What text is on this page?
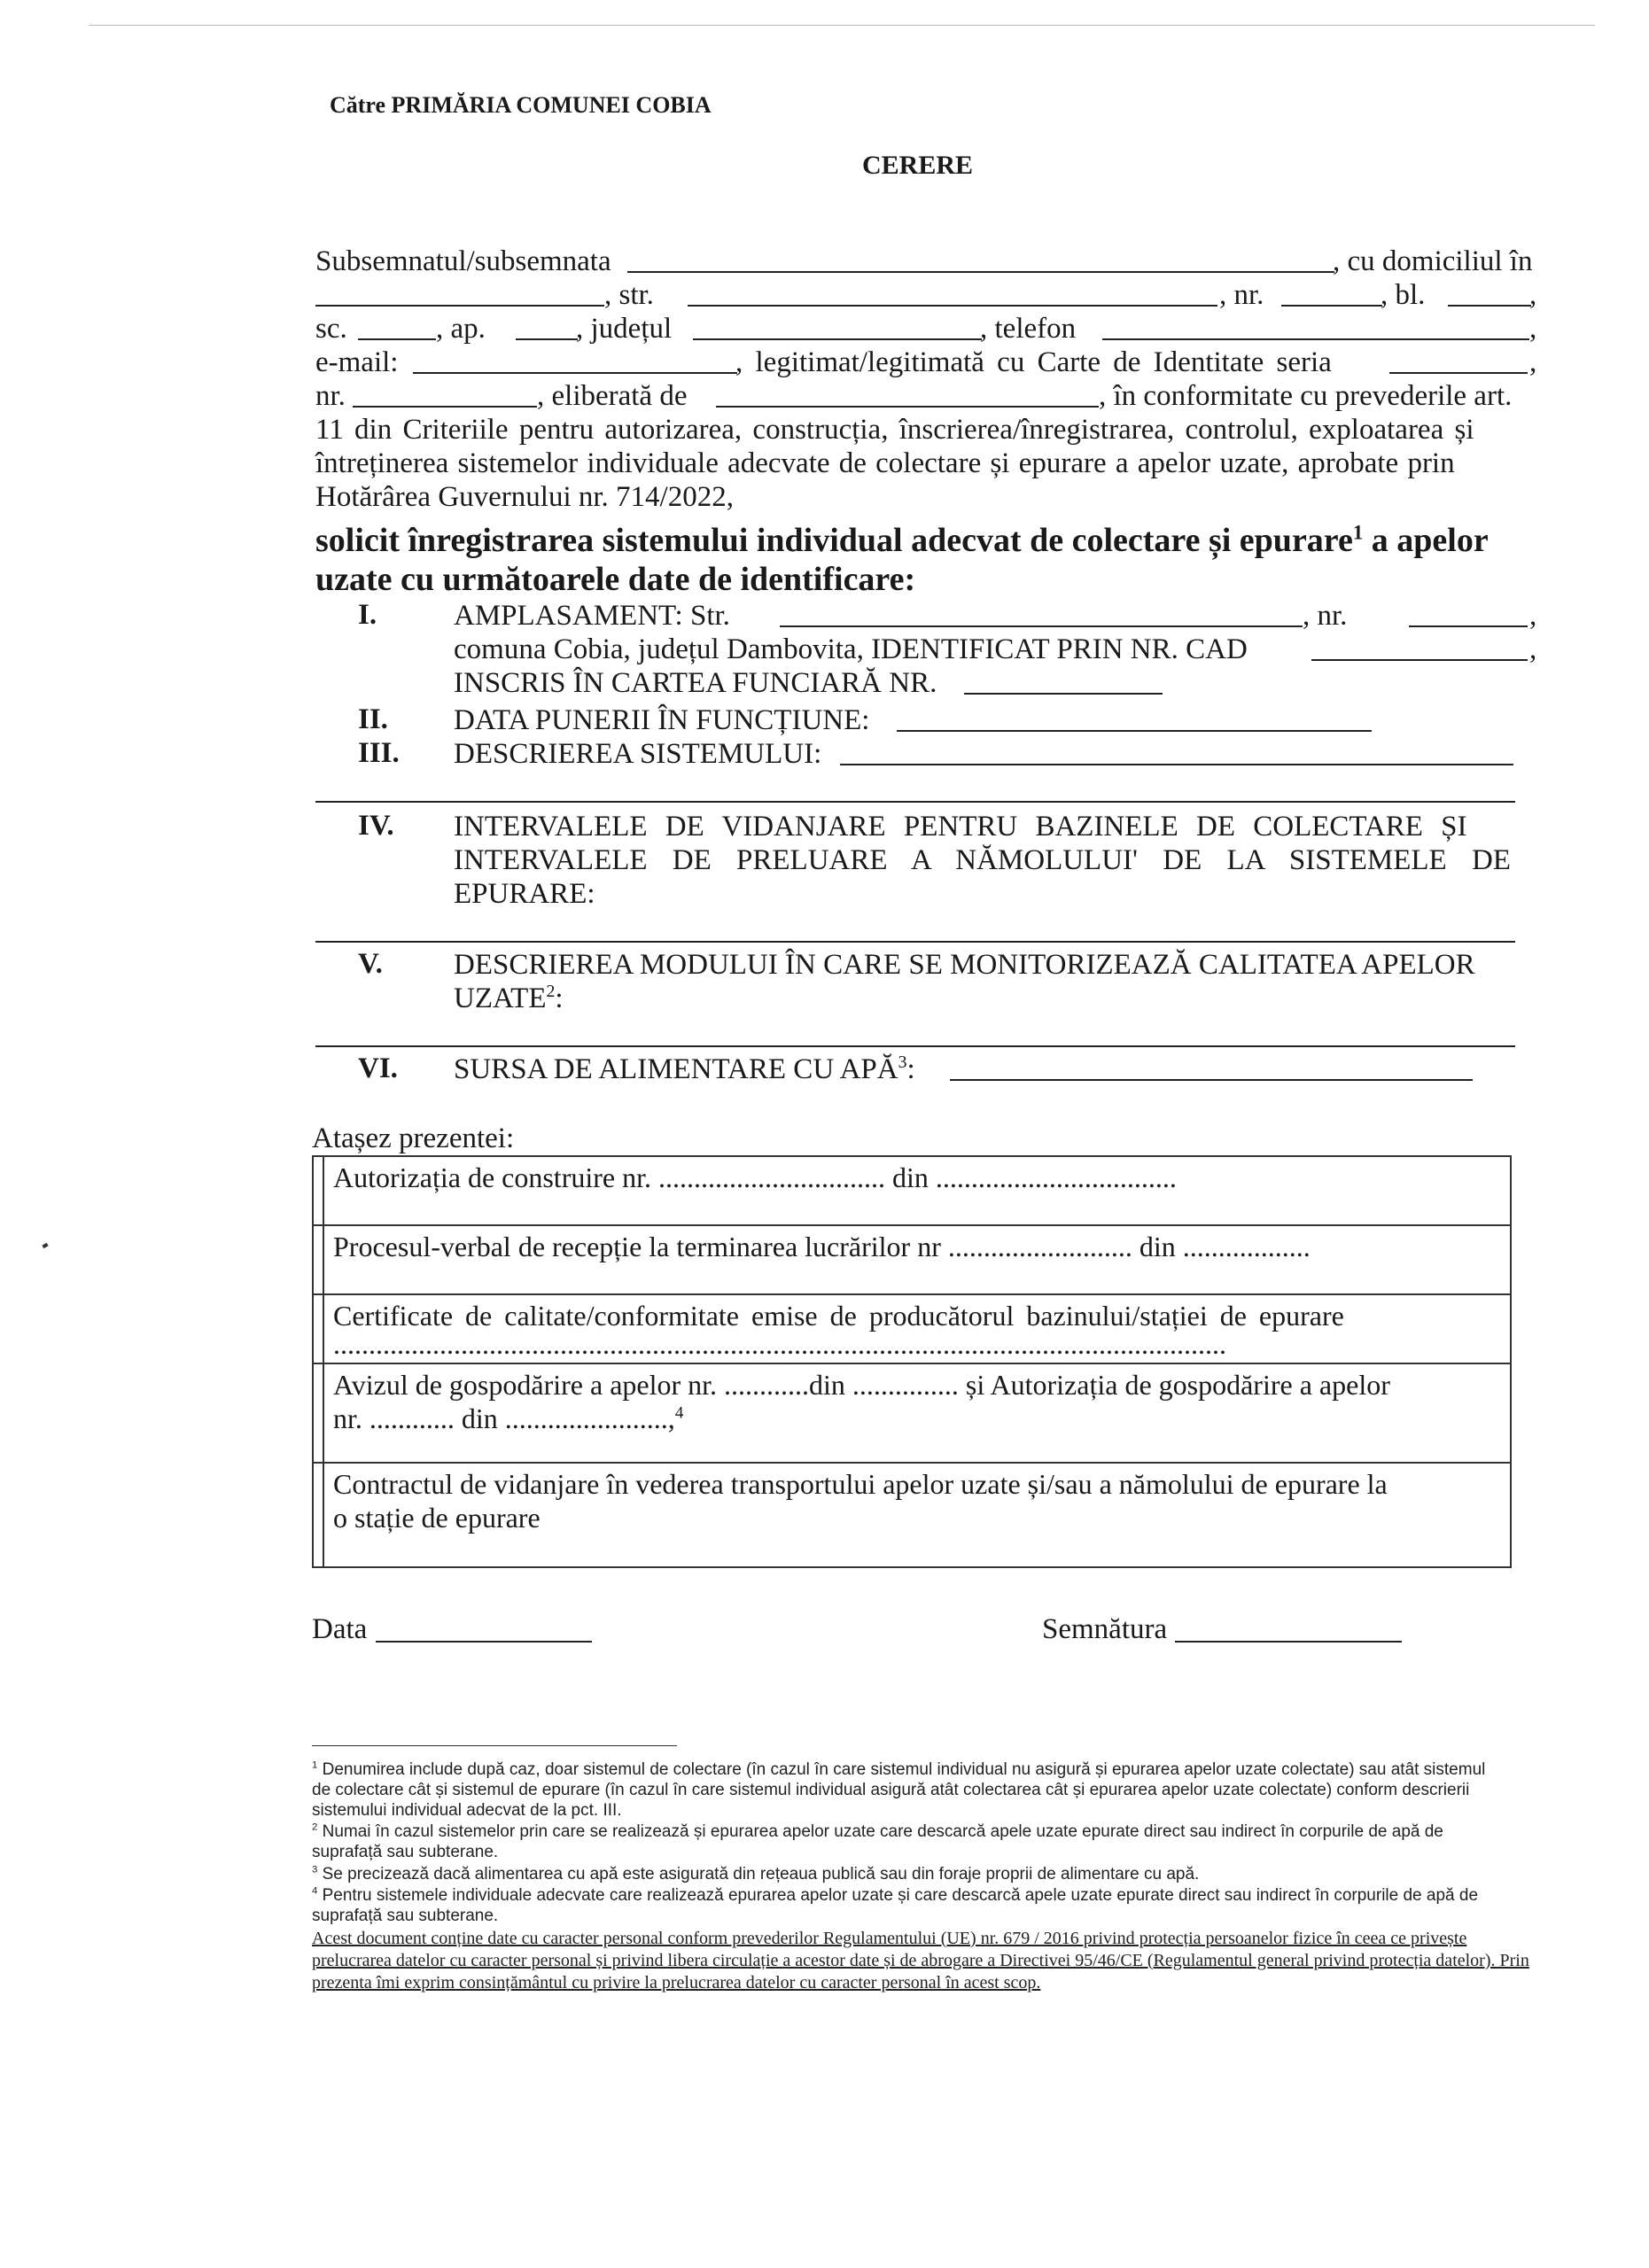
Către PRIMĂRIA COMUNEI COBIA
CERERE
Subsemnatul/subsemnata	, cu domiciliul în
, str.	, nr.	, bl.	,
sc.	, ap.	, județul	, telefon	,
e-mail:	, legitimat/legitimată cu Carte de Identitate seria	,
nr.	, eliberată de	, în conformitate cu prevederile art.
11 din Criteriile pentru autorizarea, construcția, înscrierea/înregistrarea, controlul, exploatarea și
întreținerea sistemelor individuale adecvate de colectare și epurare a apelor uzate, aprobate prin
Hotărârea Guvernului nr. 714/2022,
solicit înregistrarea sistemului individual adecvat de colectare și epurare$^1$ a apelor
uzate cu următoarele date de identificare:
I.	AMPLASAMENT: Str.	, nr.	,
comuna Cobia, județul Dambovita, IDENTIFICAT PRIN NR. CAD	,
INSCRIS ÎN CARTEA FUNCIARĂ NR.
II. DATA PUNERII ÎN FUNCȚIUNE:
III. DESCRIEREA SISTEMULUI:
IV. INTERVALELE DE VIDANJARE PENTRU BAZINELE DE COLECTARE ȘI
INTERVALELE DE PRELUARE A NĂMOLULUI' DE LA SISTEMELE DE
EPURARE:
V. DESCRIEREA MODULUI ÎN CARE SE MONITORIZEAZĂ CALITATEA APELOR
UZATE$^2$:
VI. SURSA DE ALIMENTARE CU APĂ$^3$:
Atașez prezentei:
	Autorizația de construire nr. ................................ din ..................................
	Procesul-verbal de recepție la terminarea lucrărilor nr .......................... din ..................

	Certificate de calitate/conformitate emise de producătorul bazinului/stației de epurare
..............................................................................................................................

	Avizul de gospodărire a apelor nr. ............din ............... și Autorizația de gospodărire a apelor
nr. ............ din .......................,$^4$

	Contractul de vidanjare în vederea transportului apelor uzate și/sau a nămolului de epurare la
o stație de epurare
Data	Semnătura
$^1$ Denumirea include după caz, doar sistemul de colectare (în cazul în care sistemul individual nu asigură și epurarea apelor uzate colectate) sau atât sistemul de colectare cât și sistemul de epurare (în cazul în care sistemul individual asigură atât colectarea cât și epurarea apelor uzate colectate) conform descrierii sistemului individual adecvat de la pct. III.
$^2$ Numai în cazul sistemelor prin care se realizează și epurarea apelor uzate care descarcă apele uzate epurate direct sau indirect în corpurile de apă de suprafață sau subterane.
$^3$ Se precizează dacă alimentarea cu apă este asigurată din rețeaua publică sau din foraje proprii de alimentare cu apă.
$^4$ Pentru sistemele individuale adecvate care realizează epurarea apelor uzate și care descarcă apele uzate epurate direct sau indirect în corpurile de apă de suprafață sau subterane.
Acest document conține date cu caracter personal conform prevederilor Regulamentului (UE) nr. 679 / 2016 privind protecția persoanelor fizice în ceea ce privește prelucrarea datelor cu caracter personal și privind libera circulație a acestor date și de abrogare a Directivei 95/46/CE (Regulamentul general privind protecția datelor). Prin prezenta îmi exprim consințământul cu privire la prelucrarea datelor cu caracter personal în acest scop.
